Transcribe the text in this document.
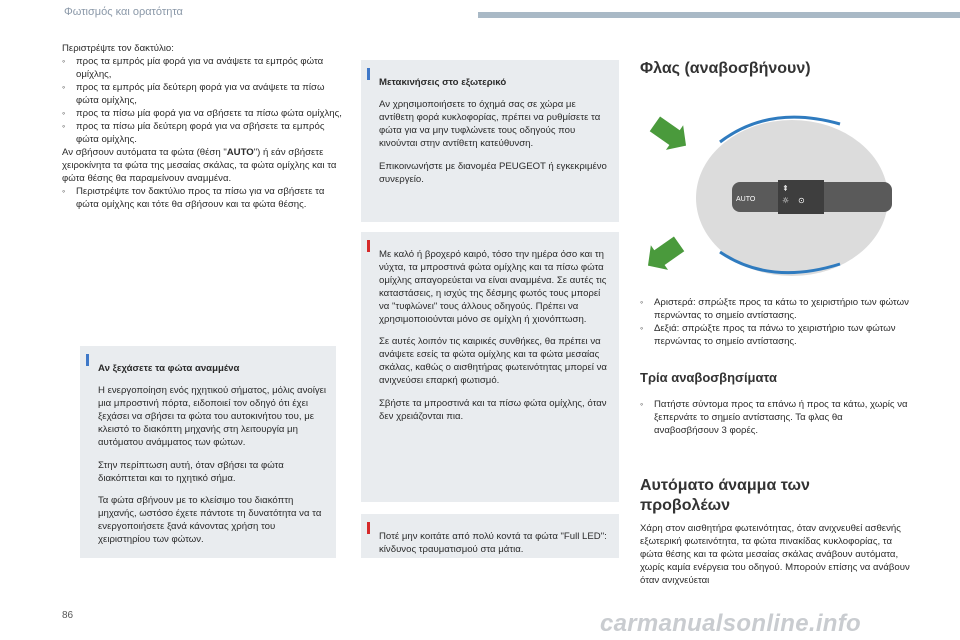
Φωτισμός και ορατότητα

Περιστρέψτε τον δακτύλιο:

◦	προς τα εμπρός μία φορά για να ανάψετε τα εμπρός φώτα ομίχλης,
◦	προς τα εμπρός μία δεύτερη φορά για να ανάψετε τα πίσω φώτα ομίχλης,
◦	προς τα πίσω μία φορά για να σβήσετε τα πίσω φώτα ομίχλης,
◦	προς τα πίσω μία δεύτερη φορά για να σβήσετε τα εμπρός φώτα ομίχλης.

Αν σβήσουν αυτόματα τα φώτα (θέση "AUTO") ή εάν σβήσετε χειροκίνητα τα φώτα της μεσαίας σκάλας, τα φώτα ομίχλης και τα φώτα θέσης θα παραμείνουν αναμμένα.

◦	Περιστρέψτε τον δακτύλιο προς τα πίσω για να σβήσετε τα φώτα ομίχλης και τότε θα σβήσουν και τα φώτα θέσης.

Αν ξεχάσετε τα φώτα αναμμένα

Η ενεργοποίηση ενός ηχητικού σήματος, μόλις ανοίγει μια μπροστινή πόρτα, ειδοποιεί τον οδηγό ότι έχει ξεχάσει να σβήσει τα φώτα του αυτοκινήτου του, με κλειστό το διακόπτη μηχανής στη λειτουργία μη αυτόματου ανάμματος των φώτων.

Στην περίπτωση αυτή, όταν σβήσει τα φώτα διακόπτεται και το ηχητικό σήμα.

Τα φώτα σβήνουν με το κλείσιμο του διακόπτη μηχανής, ωστόσο έχετε πάντοτε τη δυνατότητα να τα ενεργοποιήσετε ξανά κάνοντας χρήση του χειριστηρίου των φώτων.

Μετακινήσεις στο εξωτερικό

Αν χρησιμοποιήσετε το όχημά σας σε χώρα με αντίθετη φορά κυκλοφορίας, πρέπει να ρυθμίσετε τα φώτα για να μην τυφλώνετε τους οδηγούς που κινούνται στην αντίθετη κατεύθυνση.

Επικοινωνήστε με διανομέα PEUGEOT ή εγκεκριμένο συνεργείο.

Με καλό ή βροχερό καιρό, τόσο την ημέρα όσο και τη νύχτα, τα μπροστινά φώτα ομίχλης και τα πίσω φώτα ομίχλης απαγορεύεται να είναι αναμμένα. Σε αυτές τις καταστάσεις, η ισχύς της δέσμης φωτός τους μπορεί να "τυφλώνει" τους άλλους οδηγούς. Πρέπει να χρησιμοποιούνται μόνο σε ομίχλη ή χιονόπτωση.

Σε αυτές λοιπόν τις καιρικές συνθήκες, θα πρέπει να ανάψετε εσείς τα φώτα ομίχλης και τα φώτα μεσαίας σκάλας, καθώς ο αισθητήρας φωτεινότητας μπορεί να ανιχνεύσει επαρκή φωτισμό.

Σβήστε τα μπροστινά και τα πίσω φώτα ομίχλης, όταν δεν χρειάζονται πια.

Ποτέ μην κοιτάτε από πολύ κοντά τα φώτα "Full LED": κίνδυνος τραυματισμού στα μάτια.

Φλας (αναβοσβήνουν)
AUTO
⇞
☼ ⊙
◦	Αριστερά: σπρώξτε προς τα κάτω το χειριστήριο των φώτων περνώντας το σημείο αντίστασης.
◦	Δεξιά: σπρώξτε προς τα πάνω το χειριστήριο των φώτων περνώντας το σημείο αντίστασης.
Τρία αναβοσβησίματα
◦	Πατήστε σύντομα προς τα επάνω ή προς τα κάτω, χωρίς να ξεπερνάτε το σημείο αντίστασης. Τα φλας θα αναβοσβήσουν 3 φορές.
Αυτόματο άναμμα των
προβολέων

Χάρη στον αισθητήρα φωτεινότητας, όταν ανιχνευθεί ασθενής εξωτερική φωτεινότητα, τα φώτα πινακίδας κυκλοφορίας, τα φώτα θέσης και τα φώτα μεσαίας σκάλας ανάβουν αυτόματα, χωρίς καμία ενέργεια του οδηγού. Μπορούν επίσης να ανάβουν όταν ανιχνεύεται

86	carmanualsonline.info
